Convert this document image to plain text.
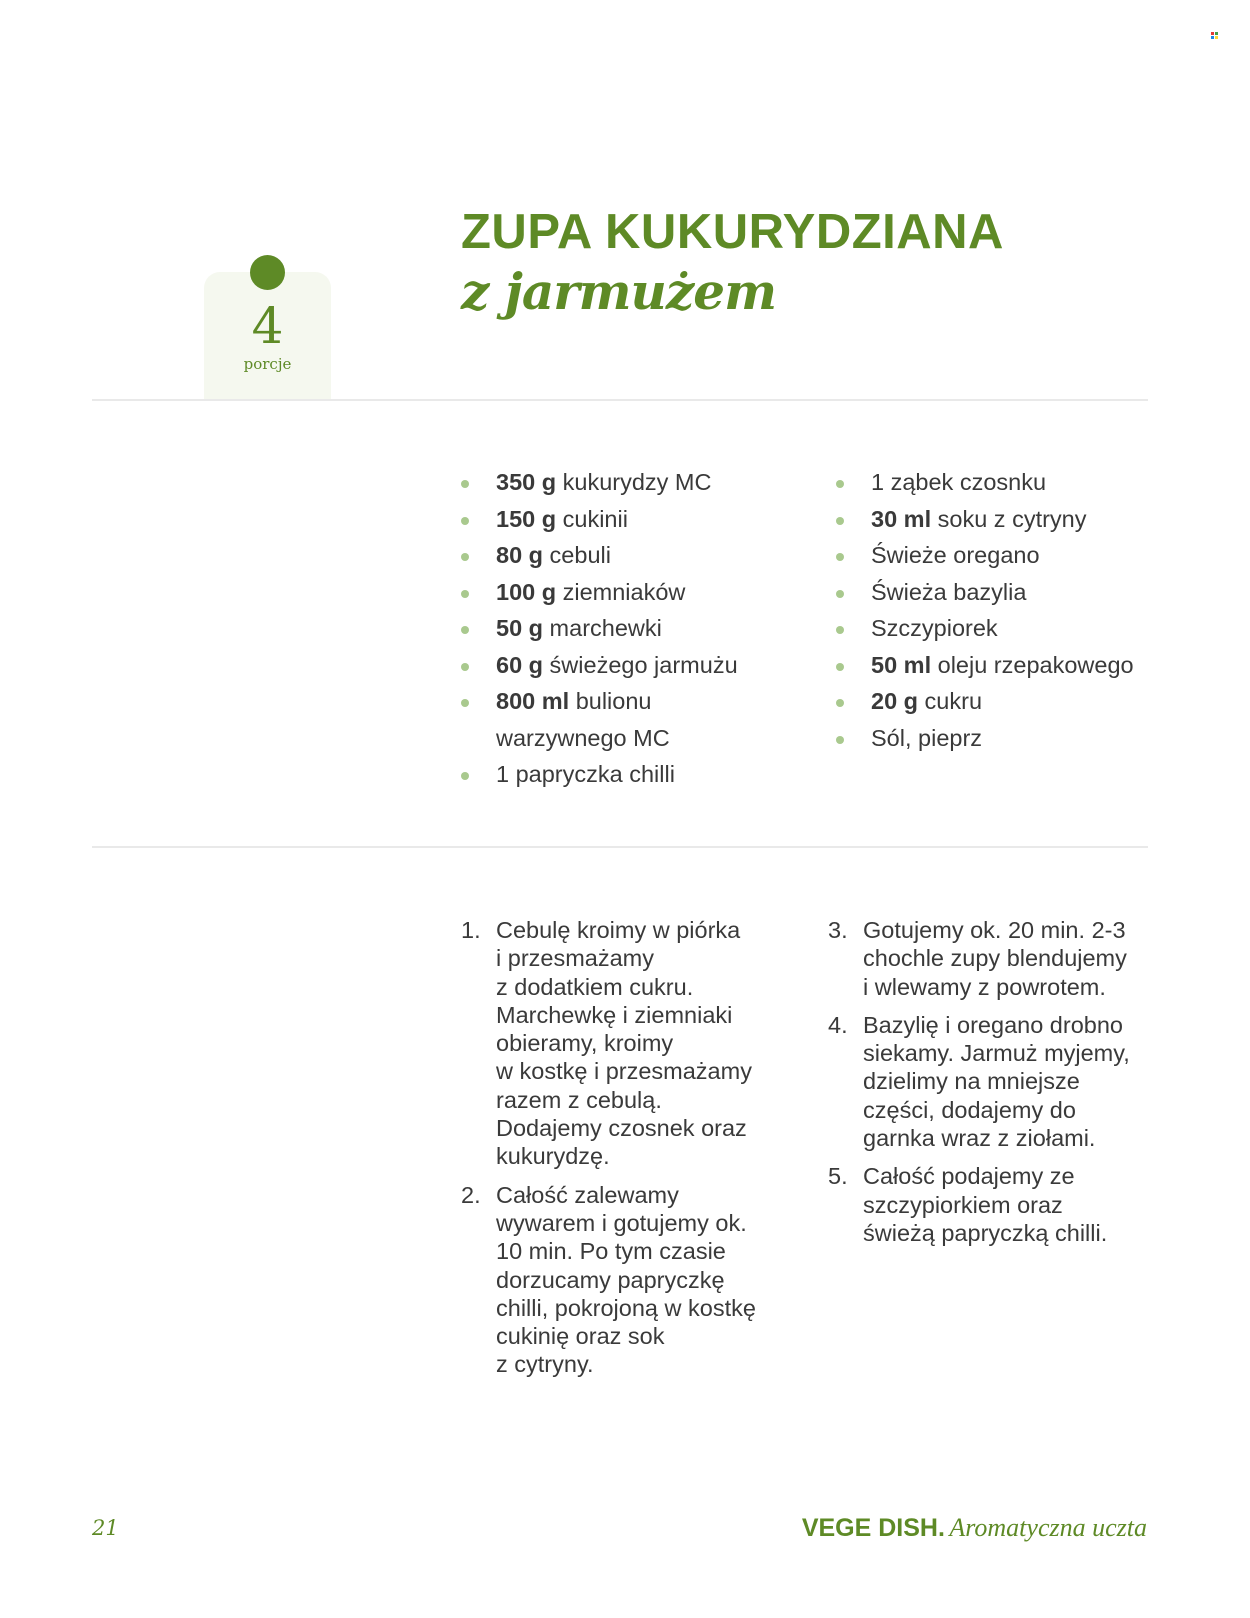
4
porcje
ZUPA KUKURYDZIANA
z jarmużem
350 g kukurydzy MC
150 g cukinii
80 g cebuli
100 g ziemniaków
50 g marchewki
60 g świeżego jarmużu
800 ml bulionu warzywnego MC
1 papryczka chilli
1 ząbek czosnku
30 ml soku z cytryny
Świeże oregano
Świeża bazylia
Szczypiorek
50 ml oleju rzepakowego
20 g cukru
Sól, pieprz
1. Cebulę kroimy w piórka
i przesmażamy
z dodatkiem cukru.
Marchewkę i ziemniaki
obieramy, kroimy
w kostkę i przesmażamy
razem z cebulą.
Dodajemy czosnek oraz
kukurydzę.
2. Całość zalewamy
wywarem i gotujemy ok.
10 min. Po tym czasie
dorzucamy papryczkę
chilli, pokrojoną w kostkę
cukinię oraz sok
z cytryny.
3. Gotujemy ok. 20 min. 2-3
chochle zupy blendujemy
i wlewamy z powrotem.
4. Bazylię i oregano drobno
siekamy. Jarmuż myjemy,
dzielimy na mniejsze
części, dodajemy do
garnka wraz z ziołami.
5. Całość podajemy ze
szczypiorkiem oraz
świeżą papryczką chilli.
21	VEGE DISH. Aromatyczna uczta
